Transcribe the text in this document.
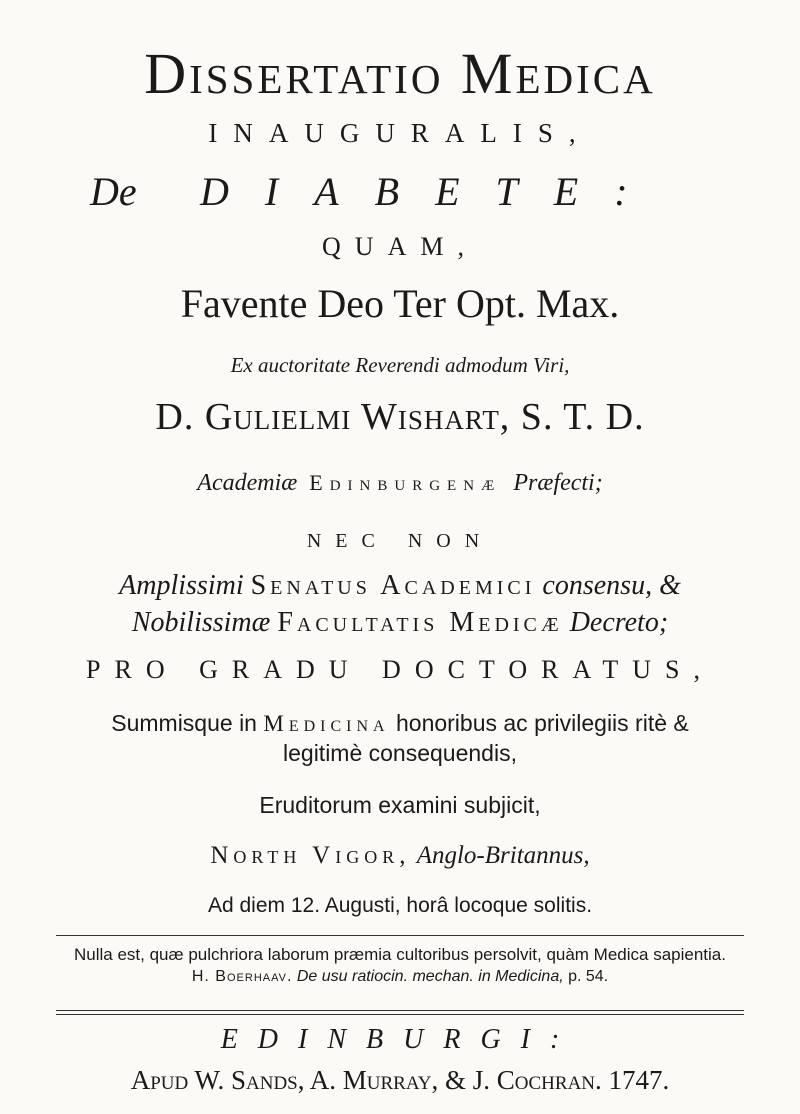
Dissertatio Medica
INAUGURALIS,
De DIABETE:
QUAM,
Favente Deo Ter Opt. Max.
Ex auctoritate Reverendi admodum Viri,
D. Gulielmi Wishart, S. T. D.
Academiæ Edinburgenæ Præfecti;
NEC NON
Amplissimi Senatus Academici consensu, &
Nobilissimæ Facultatis Medicæ Decreto;
PRO GRADU DOCTORATUS,
Summisque in Medicina honoribus ac privilegiis ritè &
legitimè consequendis,
Eruditorum examini subjicit,
North Vigor, Anglo-Britannus,
Ad diem 12. Augusti, horâ locoque solitis.
Nulla est, quæ pulchriora laborum præmia cultoribus persolvit, quàm Medica sapientia.
H. Boerhaav. De usu ratiocin. mechan. in Medicina, p. 54.
EDINBURGI:
Apud W. Sands, A. Murray, & J. Cochran. 1747.
